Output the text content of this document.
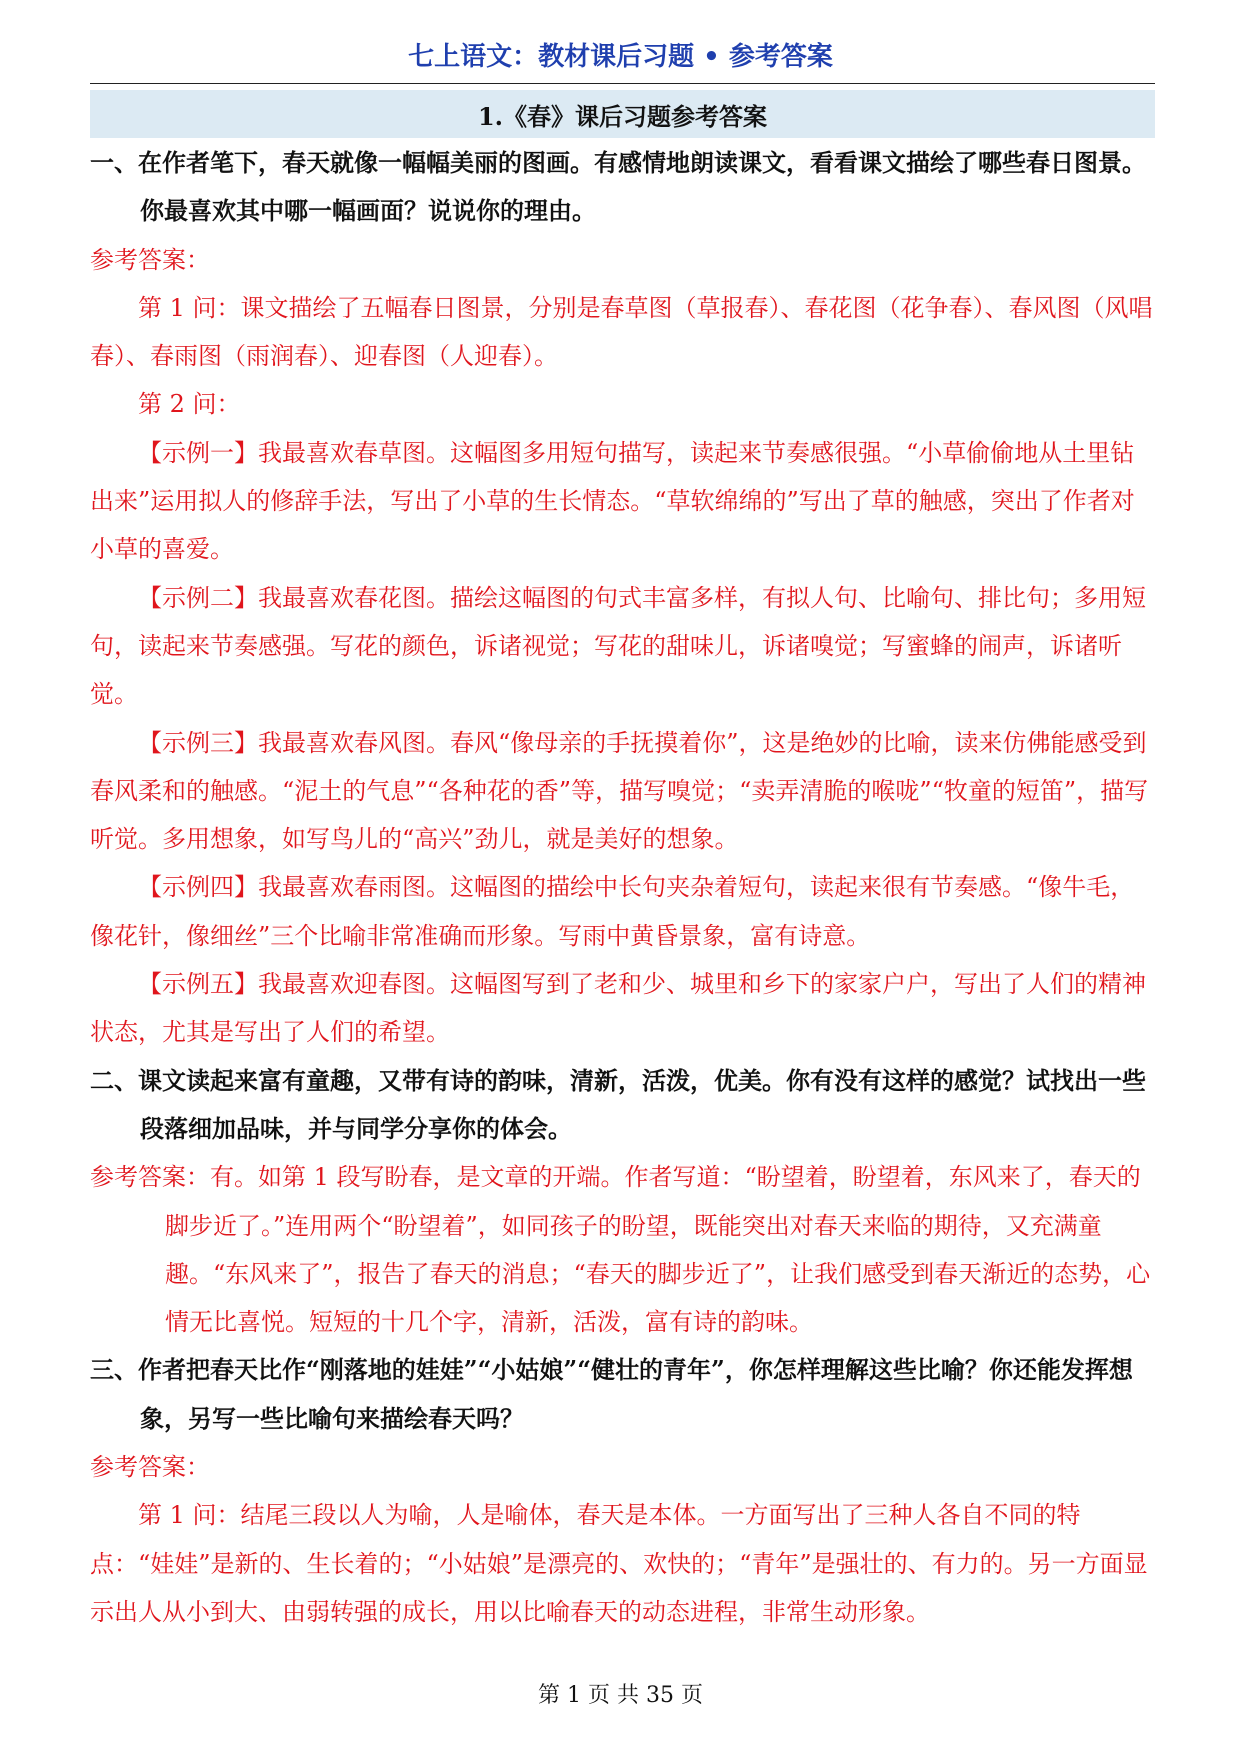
七上语文：教材课后习题 • 参考答案
1.《春》课后习题参考答案
一、在作者笔下，春天就像一幅幅美丽的图画。有感情地朗读课文，看看课文描绘了哪些春日图景。你最喜欢其中哪一幅画面？说说你的理由。
参考答案：
第 1 问：课文描绘了五幅春日图景，分别是春草图（草报春）、春花图（花争春）、春风图（风唱春）、春雨图（雨润春）、迎春图（人迎春）。
第 2 问：
【示例一】我最喜欢春草图。这幅图多用短句描写，读起来节奏感很强。“小草偷偷地从土里钻出来”运用拟人的修辞手法，写出了小草的生长情态。“草软绵绵的”写出了草的触感，突出了作者对小草的喜爱。
【示例二】我最喜欢春花图。描绘这幅图的句式丰富多样，有拟人句、比喻句、排比句；多用短句，读起来节奏感强。写花的颜色，诉诸视觉；写花的甜味儿，诉诸嗅觉；写蜜蜂的闹声，诉诸听觉。
【示例三】我最喜欢春风图。春风“像母亲的手抚摸着你”，这是绝妙的比喻，读来仿佛能感受到春风柔和的触感。“泥土的气息”“各种花的香”等，描写嗅觉；“卖弄清脆的喉咙”“牧童的短笛”，描写听觉。多用想象，如写鸟儿的“高兴”劲儿，就是美好的想象。
【示例四】我最喜欢春雨图。这幅图的描绘中长句夹杂着短句，读起来很有节奏感。“像牛毛，像花针，像细丝”三个比喻非常准确而形象。写雨中黄昏景象，富有诗意。
【示例五】我最喜欢迎春图。这幅图写到了老和少、城里和乡下的家家户户，写出了人们的精神状态，尤其是写出了人们的希望。
二、课文读起来富有童趣，又带有诗的韵味，清新，活泼，优美。你有没有这样的感觉？试找出一些段落细加品味，并与同学分享你的体会。
参考答案：有。如第 1 段写盼春，是文章的开端。作者写道：“盼望着，盼望着，东风来了，春天的脚步近了。”连用两个“盼望着”，如同孩子的盼望，既能突出对春天来临的期待，又充满童趣。“东风来了”，报告了春天的消息；“春天的脚步近了”，让我们感受到春天渐近的态势，心情无比喜悦。短短的十几个字，清新，活泼，富有诗的韵味。
三、作者把春天比作“刚落地的娃娃”“小姑娘”“健壮的青年”，你怎样理解这些比喻？你还能发挥想象，另写一些比喻句来描绘春天吗？
参考答案：
第 1 问：结尾三段以人为喻，人是喻体，春天是本体。一方面写出了三种人各自不同的特点：“娃娃”是新的、生长着的；“小姑娘”是漂亮的、欢快的；“青年”是强壮的、有力的。另一方面显示出人从小到大、由弱转强的成长，用以比喻春天的动态进程，非常生动形象。
第 1 页 共 35 页
